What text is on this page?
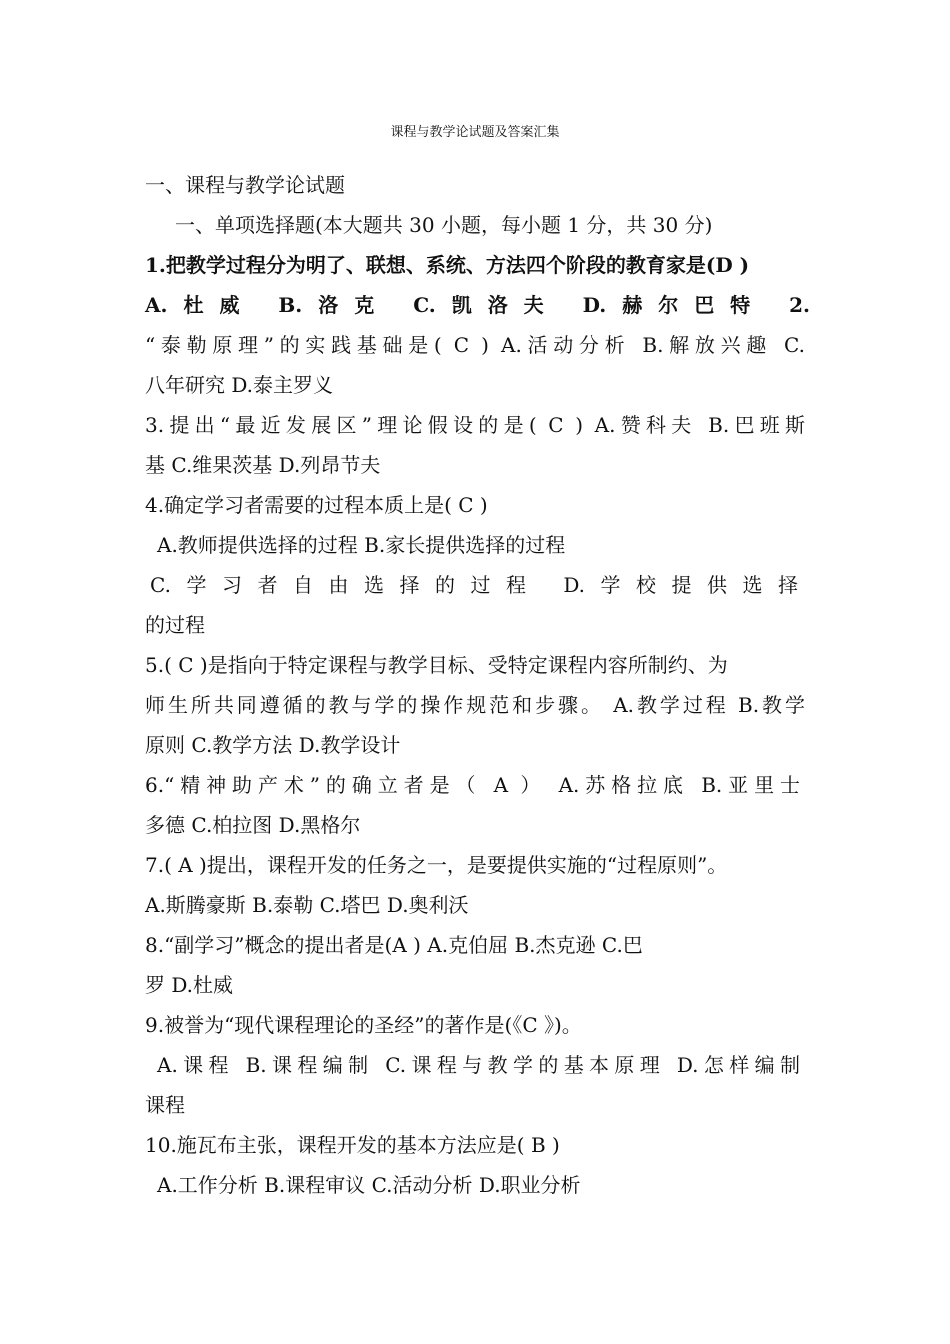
课程与教学论试题及答案汇集
一、课程与教学论试题
一、单项选择题(本大题共 30 小题，每小题 1 分，共 30 分)
1.把教学过程分为明了、联想、系统、方法四个阶段的教育家是(D )
A.杜威 B.洛克 C.凯洛夫 D.赫尔巴特 2.
“泰勒原理”的实践基础是( C ) A.活动分析 B.解放兴趣 C.
八年研究 D.泰主罗义
3.提出“最近发展区”理论假设的是( C ) A.赞科夫 B.巴班斯
基 C.维果茨基 D.列昂节夫
4.确定学习者需要的过程本质上是( C )
A.教师提供选择的过程 B.家长提供选择的过程
C.学习者自由选择的过程 D.学校提供选择
的过程
5.( C )是指向于特定课程与教学目标、受特定课程内容所制约、为
师生所共同遵循的教与学的操作规范和步骤。 A.教学过程 B.教学
原则 C.教学方法 D.教学设计
6.“精神助产术”的确立者是（ A ） A.苏格拉底 B.亚里士
多德 C.柏拉图 D.黑格尔
7.( A )提出，课程开发的任务之一，是要提供实施的“过程原则”。
A.斯腾豪斯 B.泰勒 C.塔巴 D.奥利沃
8.“副学习”概念的提出者是(A ) A.克伯屈 B.杰克逊 C.巴
罗 D.杜威
9.被誉为“现代课程理论的圣经”的著作是(《C 》)。
A.课程 B.课程编制 C.课程与教学的基本原理 D.怎样编制
课程
10.施瓦布主张，课程开发的基本方法应是( B )
A.工作分析 B.课程审议 C.活动分析 D.职业分析
